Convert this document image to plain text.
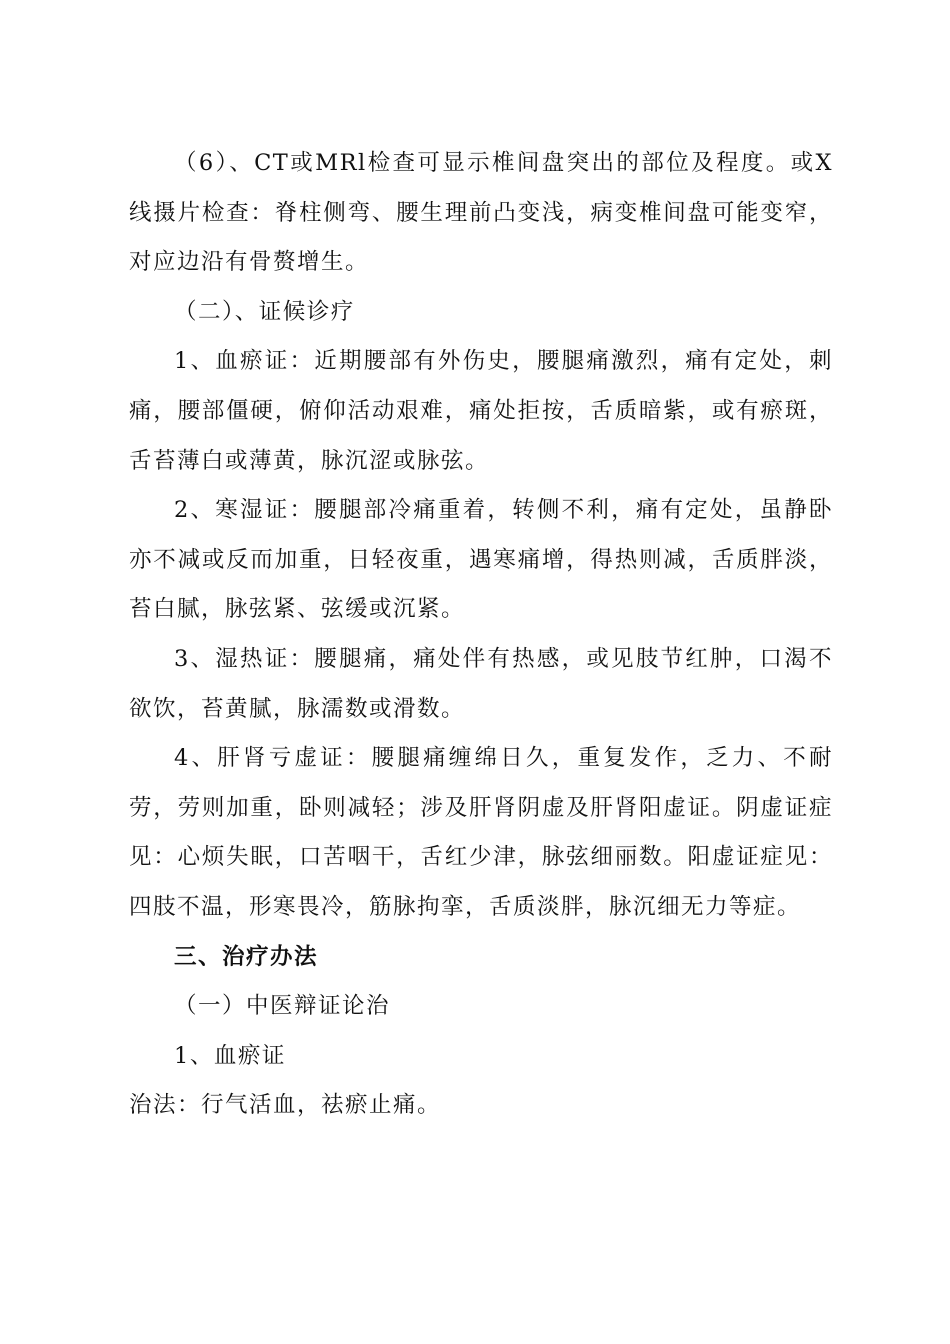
（6）、CT或MRl检查可显示椎间盘突出的部位及程度。或X线摄片检查：脊柱侧弯、腰生理前凸变浅，病变椎间盘可能变窄，对应边沿有骨赘增生。

（二）、证候诊疗

1、血瘀证：近期腰部有外伤史，腰腿痛激烈，痛有定处，刺痛，腰部僵硬，俯仰活动艰难，痛处拒按，舌质暗紫，或有瘀斑，舌苔薄白或薄黄，脉沉涩或脉弦。

2、寒湿证：腰腿部冷痛重着，转侧不利，痛有定处，虽静卧亦不减或反而加重，日轻夜重，遇寒痛增，得热则减，舌质胖淡，苔白腻，脉弦紧、弦缓或沉紧。

3、湿热证：腰腿痛，痛处伴有热感，或见肢节红肿，口渴不欲饮，苔黄腻，脉濡数或滑数。

4、肝肾亏虚证：腰腿痛缠绵日久，重复发作，乏力、不耐劳，劳则加重，卧则减轻；涉及肝肾阴虚及肝肾阳虚证。阴虚证症见：心烦失眠，口苦咽干，舌红少津，脉弦细丽数。阳虚证症见：四肢不温，形寒畏冷，筋脉拘挛，舌质淡胖，脉沉细无力等症。

三、治疗办法

（一）中医辩证论治

1、血瘀证

治法：行气活血，祛瘀止痛。
